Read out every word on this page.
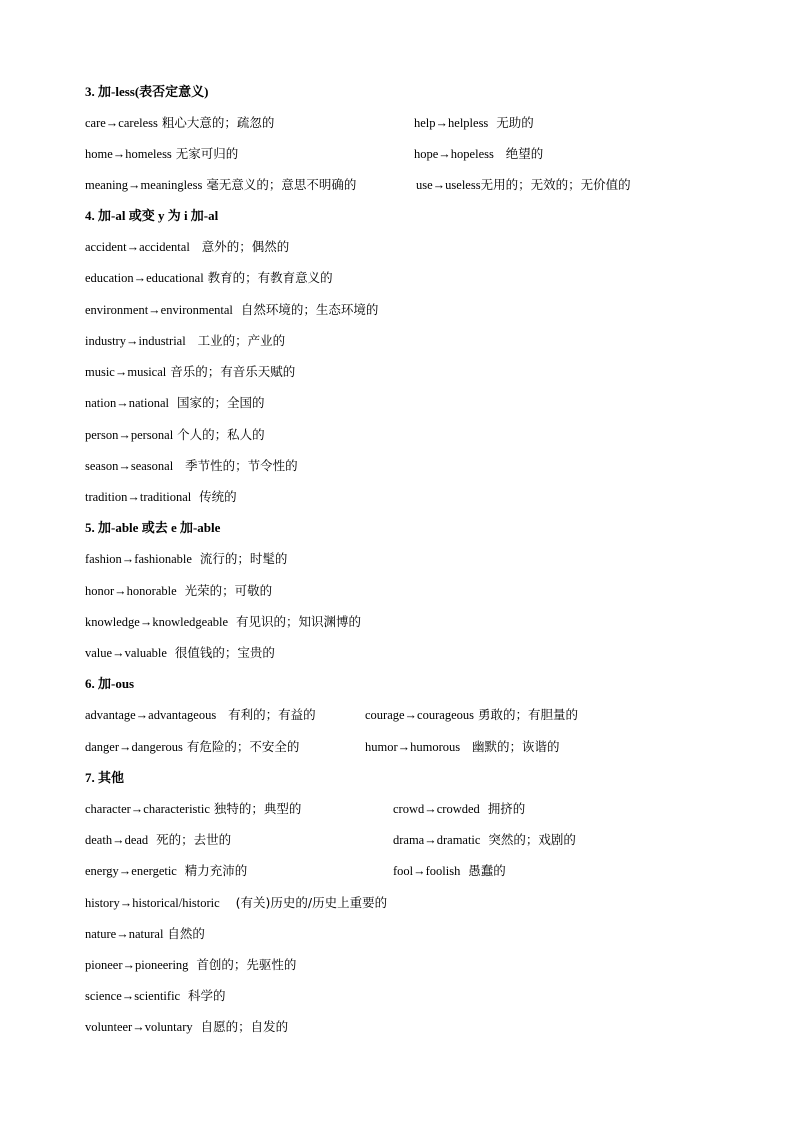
3. 加-less(表否定意义)
care→careless 粗心大意的；疏忽的	help→helpless  无助的
home→homeless 无家可归的	hope→hopeless   绝望的
meaning→meaningless 毫无意义的；意思不明确的	use→useless无用的；无效的；无价值的
4. 加-al 或变 y 为 i 加-al
accident→accidental   意外的；偶然的
education→educational 教育的；有教育意义的
environment→environmental  自然环境的；生态环境的
industry→industrial   工业的；产业的
music→musical 音乐的；有音乐天赋的
nation→national  国家的；全国的
person→personal 个人的；私人的
season→seasonal   季节性的；节令性的
tradition→traditional  传统的
5. 加-able 或去 e 加-able
fashion→fashionable  流行的；时髦的
honor→honorable  光荣的；可敬的
knowledge→knowledgeable  有见识的；知识渊博的
value→valuable  很值钱的；宝贵的
6. 加-ous
advantage→advantageous   有利的；有益的	courage→courageous 勇敢的；有胆量的
danger→dangerous 有危险的；不安全的	humor→humorous   幽默的；诙谐的
7. 其他
character→characteristic 独特的；典型的	crowd→crowded  拥挤的
death→dead  死的；去世的	drama→dramatic  突然的；戏剧的
energy→energetic  精力充沛的	fool→foolish  愚蠢的
history→historical/historic    (有关)历史的/历史上重要的
nature→natural 自然的
pioneer→pioneering  首创的；先驱性的
science→scientific  科学的
volunteer→voluntary  自愿的；自发的
